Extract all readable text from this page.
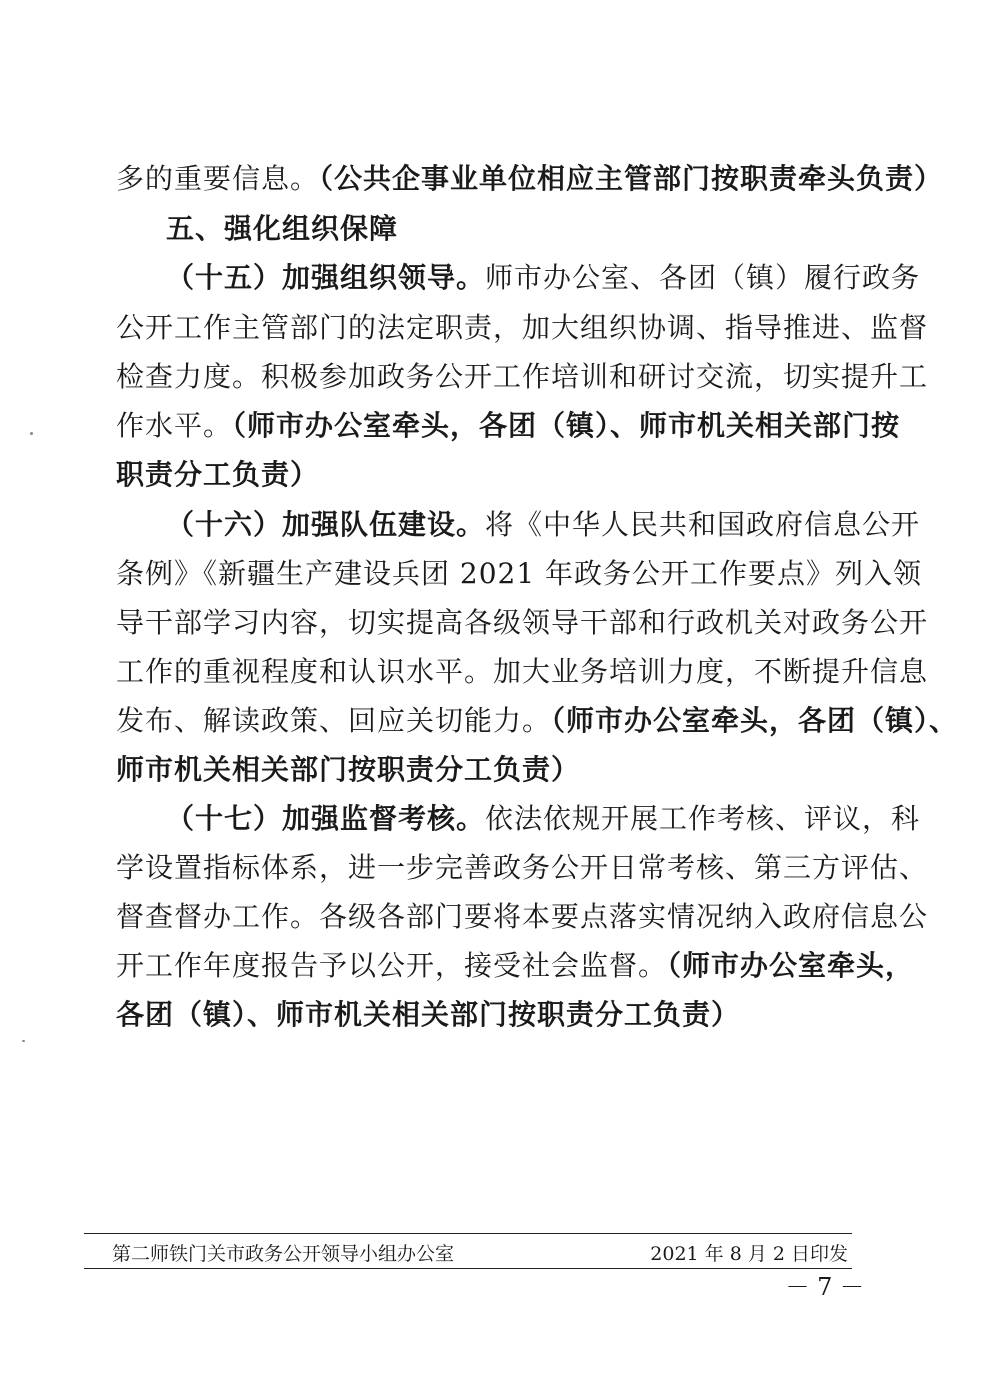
多的重要信息。（公共企事业单位相应主管部门按职责牵头负责）
五、强化组织保障
（十五）加强组织领导。师市办公室、各团（镇）履行政务
公开工作主管部门的法定职责，加大组织协调、指导推进、监督
检查力度。积极参加政务公开工作培训和研讨交流，切实提升工
作水平。（师市办公室牵头，各团（镇）、师市机关相关部门按
职责分工负责）
（十六）加强队伍建设。将《中华人民共和国政府信息公开
条例》《新疆生产建设兵团 2021 年政务公开工作要点》列入领
导干部学习内容，切实提高各级领导干部和行政机关对政务公开
工作的重视程度和认识水平。加大业务培训力度，不断提升信息
发布、解读政策、回应关切能力。（师市办公室牵头，各团（镇）、
师市机关相关部门按职责分工负责）
（十七）加强监督考核。依法依规开展工作考核、评议，科
学设置指标体系，进一步完善政务公开日常考核、第三方评估、
督查督办工作。各级各部门要将本要点落实情况纳入政府信息公
开工作年度报告予以公开，接受社会监督。（师市办公室牵头，
各团（镇）、师市机关相关部门按职责分工负责）
第二师铁门关市政务公开领导小组办公室	2021 年 8 月 2 日印发
－ 7 －
